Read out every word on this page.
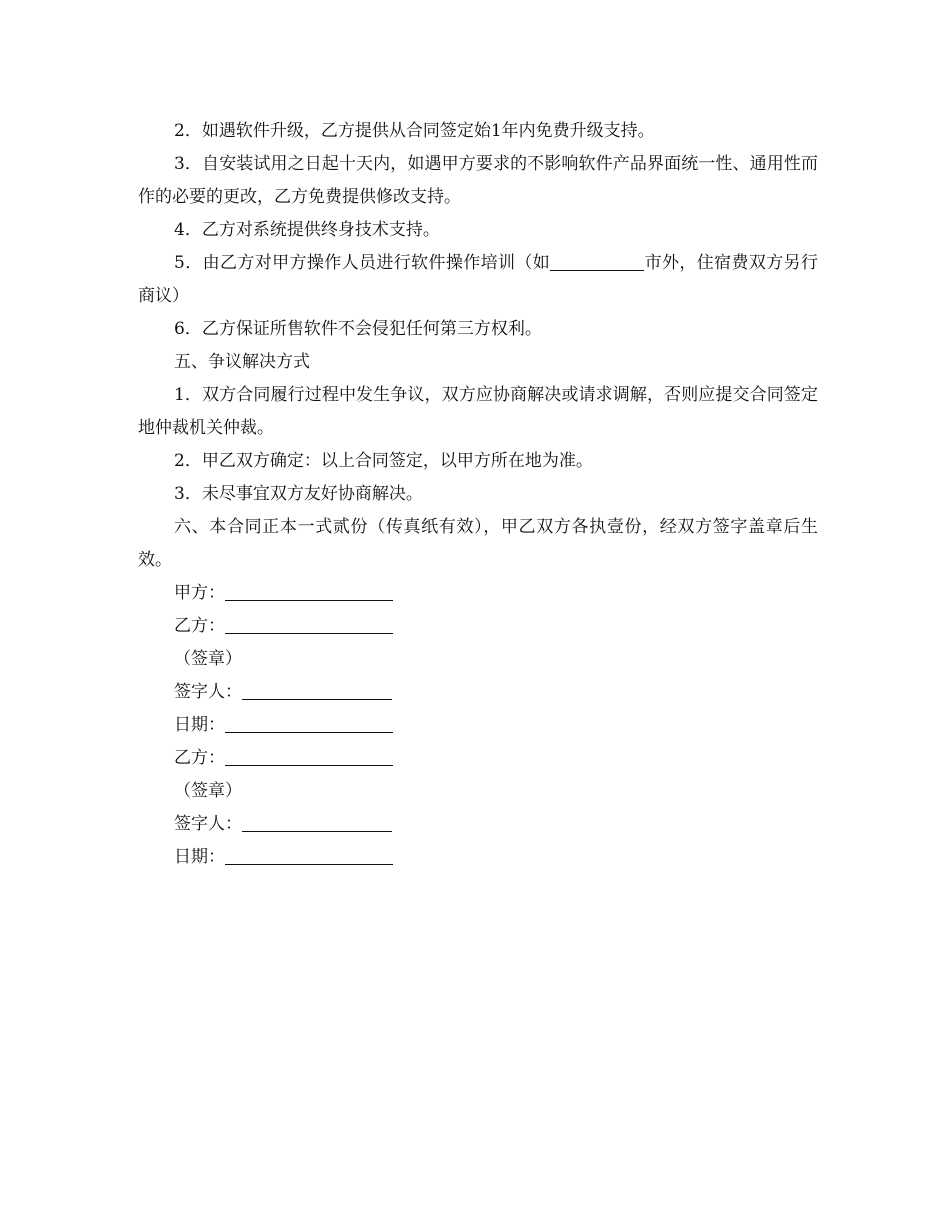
2．如遇软件升级，乙方提供从合同签定始1年内免费升级支持。

3．自安装试用之日起十天内，如遇甲方要求的不影响软件产品界面统一性、通用性而作的必要的更改，乙方免费提供修改支持。

4．乙方对系统提供终身技术支持。

5．由乙方对甲方操作人员进行软件操作培训（如	市外，住宿费双方另行商议）

6．乙方保证所售软件不会侵犯任何第三方权利。

五、争议解决方式

1．双方合同履行过程中发生争议，双方应协商解决或请求调解，否则应提交合同签定地仲裁机关仲裁。

2．甲乙双方确定：以上合同签定，以甲方所在地为准。

3．未尽事宜双方友好协商解决。

六、本合同正本一式贰份（传真纸有效），甲乙双方各执壹份，经双方签字盖章后生效。

甲方：

乙方：

（签章）

签字人：

日期：

乙方：

（签章）

签字人：

日期：
